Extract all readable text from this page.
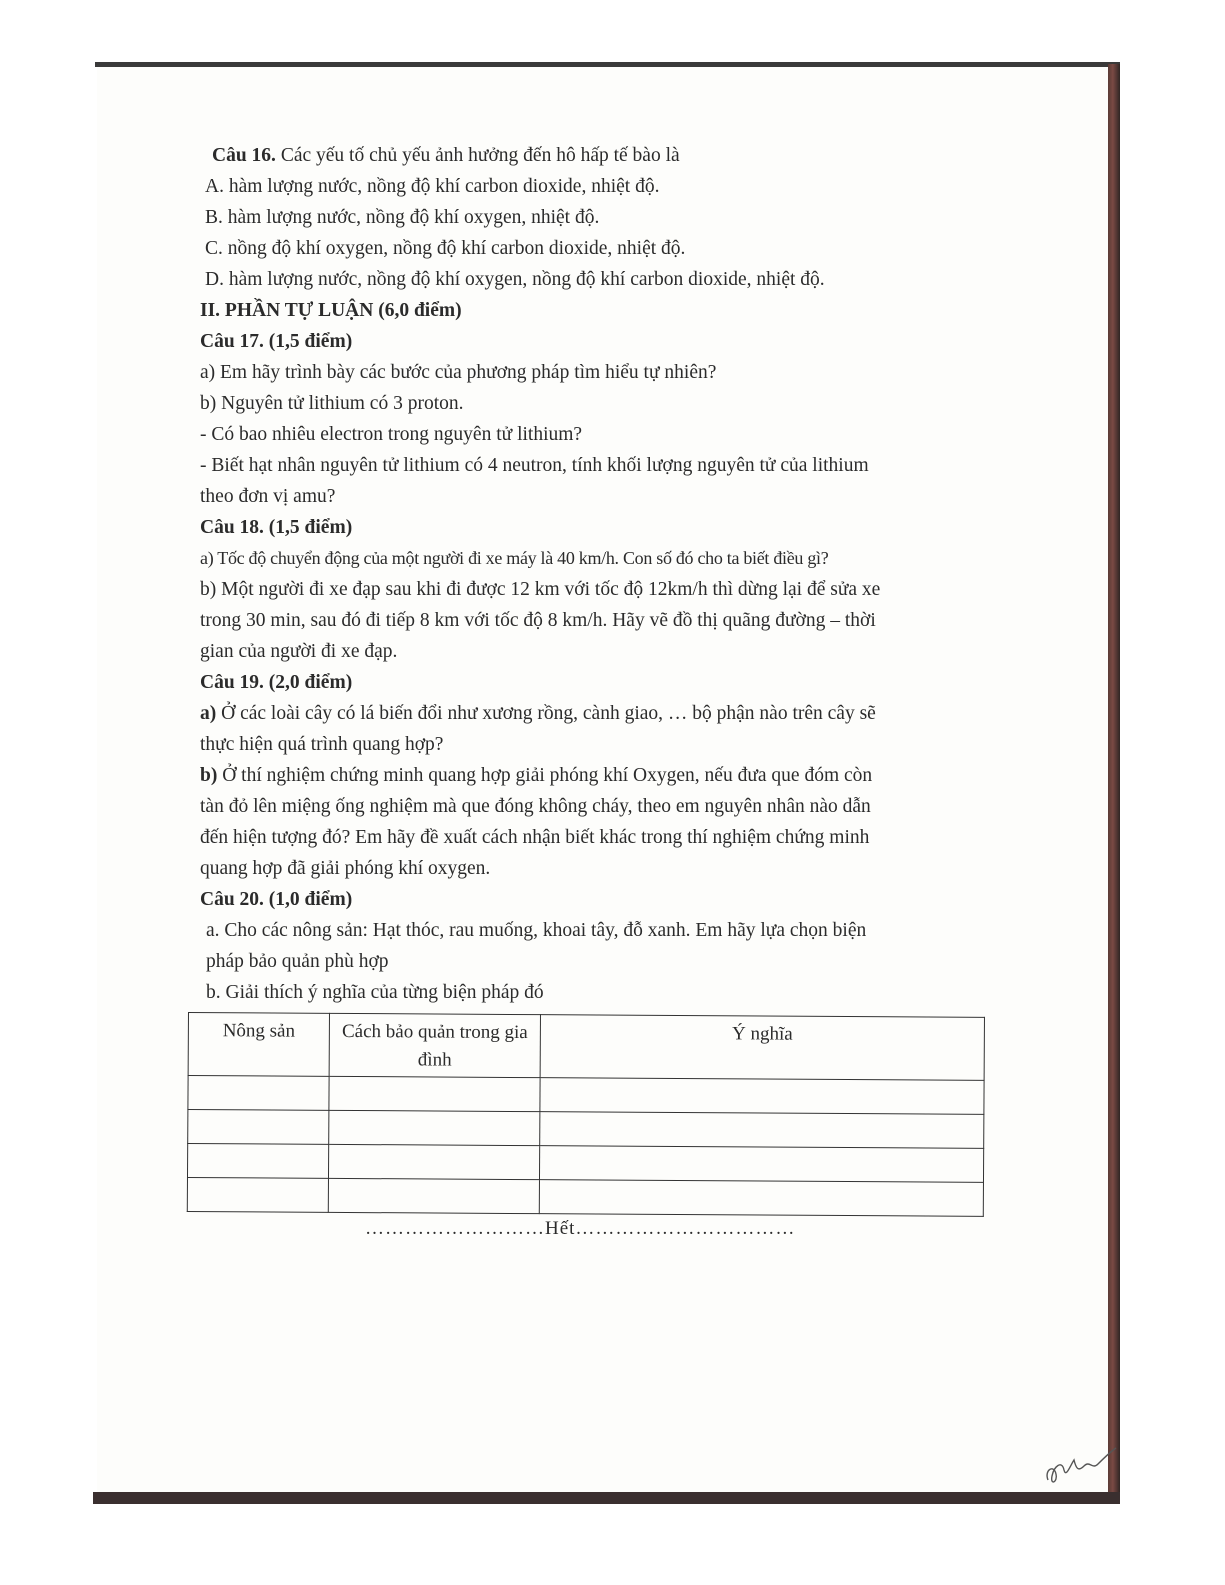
Câu 16. Các yếu tố chủ yếu ảnh hưởng đến hô hấp tế bào là
A. hàm lượng nước, nồng độ khí carbon dioxide, nhiệt độ.
B. hàm lượng nước, nồng độ khí oxygen, nhiệt độ.
C. nồng độ khí oxygen, nồng độ khí carbon dioxide, nhiệt độ.
D. hàm lượng nước, nồng độ khí oxygen, nồng độ khí carbon dioxide, nhiệt độ.
II. PHẦN TỰ LUẬN (6,0 điểm)
Câu 17. (1,5 điểm)
a) Em hãy trình bày các bước của phương pháp tìm hiểu tự nhiên?
b) Nguyên tử lithium có 3 proton.
- Có bao nhiêu electron trong nguyên tử lithium?
- Biết hạt nhân nguyên tử lithium có 4 neutron, tính khối lượng nguyên tử của lithium
theo đơn vị amu?
Câu 18. (1,5 điểm)
a) Tốc độ chuyển động của một người đi xe máy là 40 km/h. Con số đó cho ta biết điều gì?
b) Một người đi xe đạp sau khi đi được 12 km với tốc độ 12km/h thì dừng lại để sửa xe
trong 30 min, sau đó đi tiếp 8 km với tốc độ 8 km/h. Hãy vẽ đồ thị quãng đường – thời
gian của người đi xe đạp.
Câu 19. (2,0 điểm)
a) Ở các loài cây có lá biến đổi như xương rồng, cành giao, … bộ phận nào trên cây sẽ
thực hiện quá trình quang hợp?
b) Ở thí nghiệm chứng minh quang hợp giải phóng khí Oxygen, nếu đưa que đóm còn
tàn đỏ lên miệng ống nghiệm mà que đóng không cháy, theo em nguyên nhân nào dẫn
đến hiện tượng đó? Em hãy đề xuất cách nhận biết khác trong thí nghiệm chứng minh
quang hợp đã giải phóng khí oxygen.
Câu 20. (1,0 điểm)
a. Cho các nông sản: Hạt thóc, rau muống, khoai tây, đỗ xanh. Em hãy lựa chọn biện
pháp bảo quản phù hợp
b. Giải thích ý nghĩa của từng biện pháp đó
Nông sản	Cách bảo quản trong gia đình	Ý nghĩa

………………………Hết……………………………
